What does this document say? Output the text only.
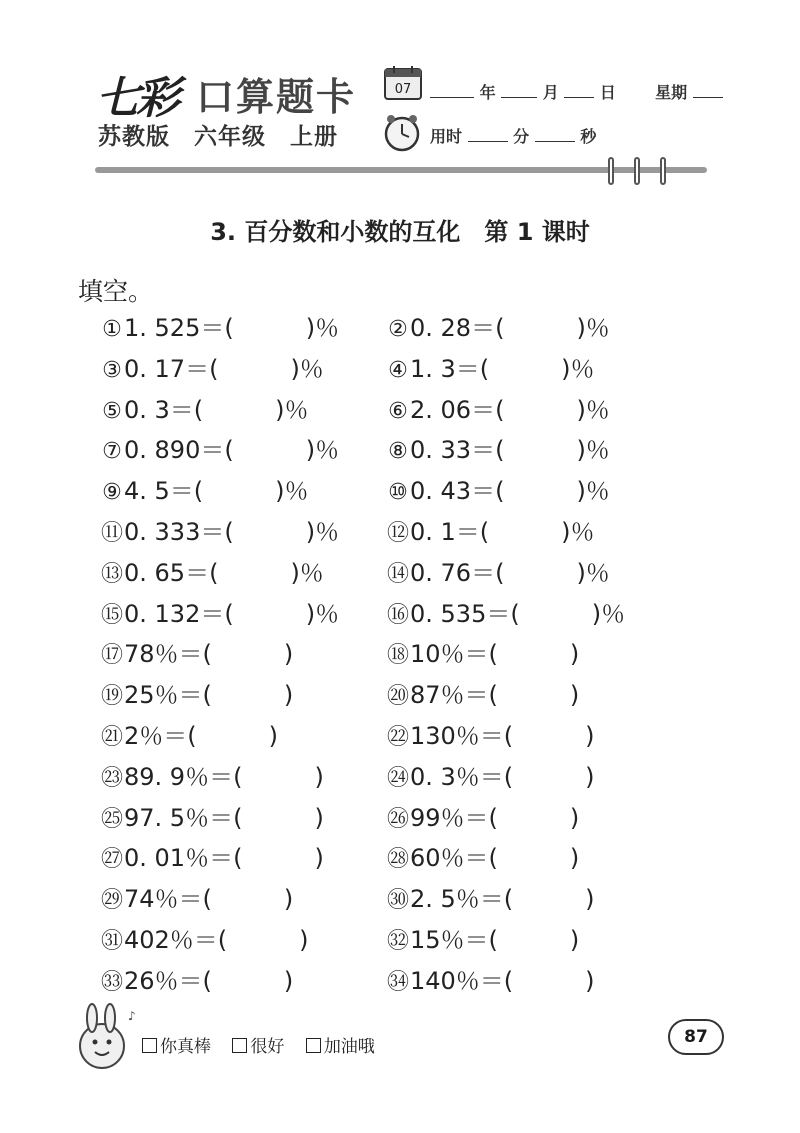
七彩 口算题卡
苏教版　六年级　上册
07	年	月	日 星期
用时	分	秒
3. 百分数和小数的互化　第 1 课时
填空。
①1. 525＝(	)％ ②0. 28＝(	)％
③0. 17＝(	)％	④1. 3＝(	)％
⑤0. 3＝(	)％	⑥2. 06＝(	)％
⑦0. 890＝(	)％ ⑧0. 33＝(	)％
⑨4. 5＝(	)％	⑩0. 43＝(	)％
⑪0. 333＝(	)％ ⑫0. 1＝(	)％
⑬0. 65＝(	)％	⑭0. 76＝(	)％
⑮0. 132＝(	)％ ⑯0. 535＝(	)％
⑰78％＝(	)	⑱10％＝(	)
⑲25％＝(	)	⑳87％＝(	)
㉑2％＝(	)	㉒130％＝(	)
㉓89. 9％＝(	)	㉔0. 3％＝(	)
㉕97. 5％＝(	)	㉖99％＝(	)
㉗0. 01％＝(	)	㉘60％＝(	)
㉙74％＝(	)	㉚2. 5％＝(	)
㉛402％＝(	)	㉜15％＝(	)
㉝26％＝(	)	㉞140％＝(	)
♪
你真棒 很好 加油哦	87
